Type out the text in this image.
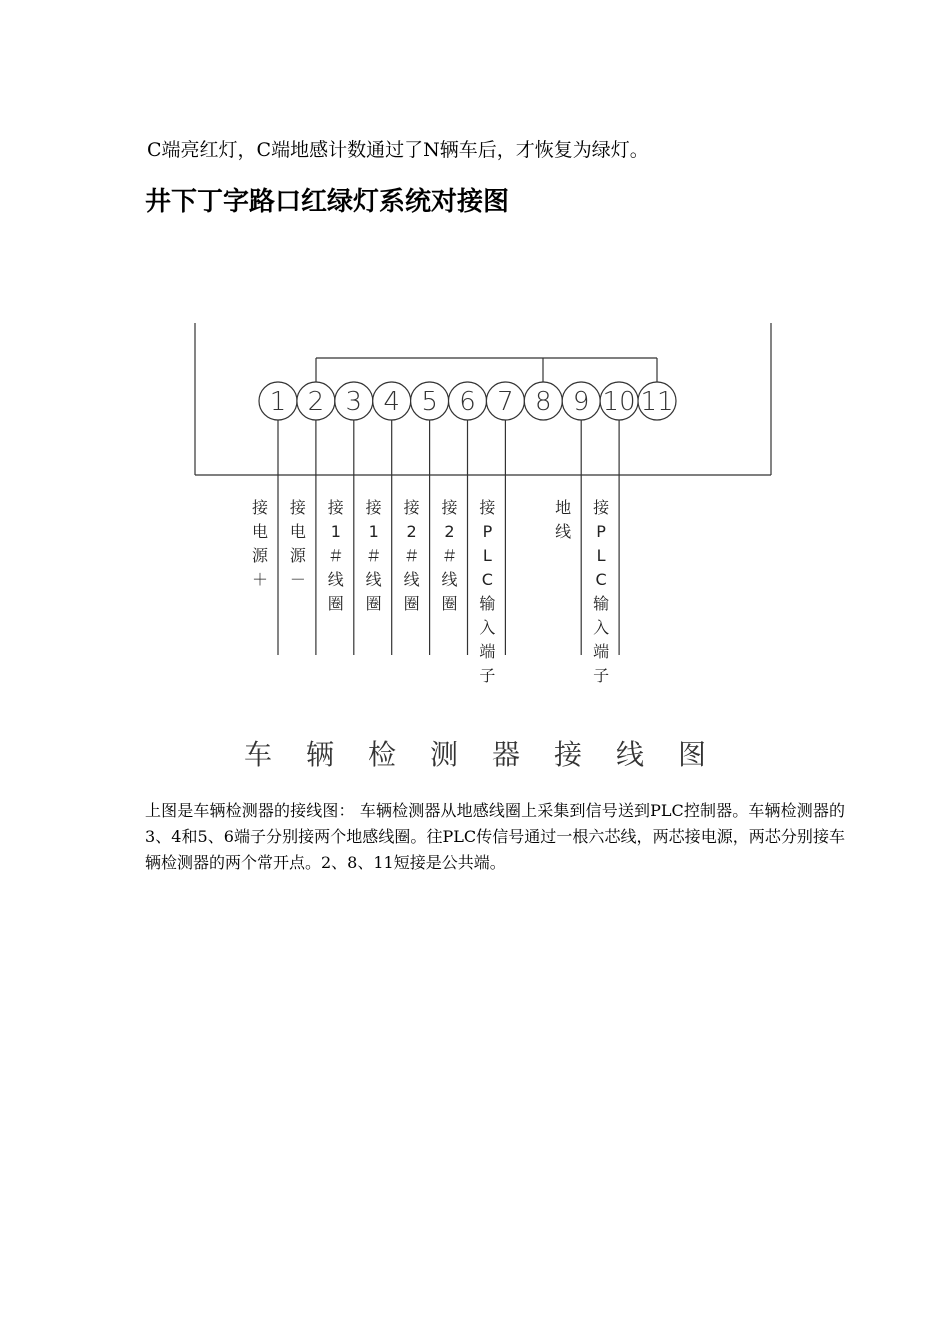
C端亮红灯，C端地感计数通过了N辆车后，才恢复为绿灯。
井下丁字路口红绿灯系统对接图
1 2 3 4 5 6 7 8 9 10 11
接
电
源
＋
接
电
源
－
接
1
＃
线
圈
接
1
＃
线
圈
接
2
＃
线
圈
接
2
＃
线
圈
接
P
L
C
输
入
端
子
地
线
接
P
L
C
输
入
端
子
车辆检测器接线图
上图是车辆检测器的接线图： 车辆检测器从地感线圈上采集到信号送到PLC控制器。车辆检测器的3、4和5、6端子分别接两个地感线圈。往PLC传信号通过一根六芯线，两芯接电源，两芯分别接车辆检测器的两个常开点。2、8、11短接是公共端。
